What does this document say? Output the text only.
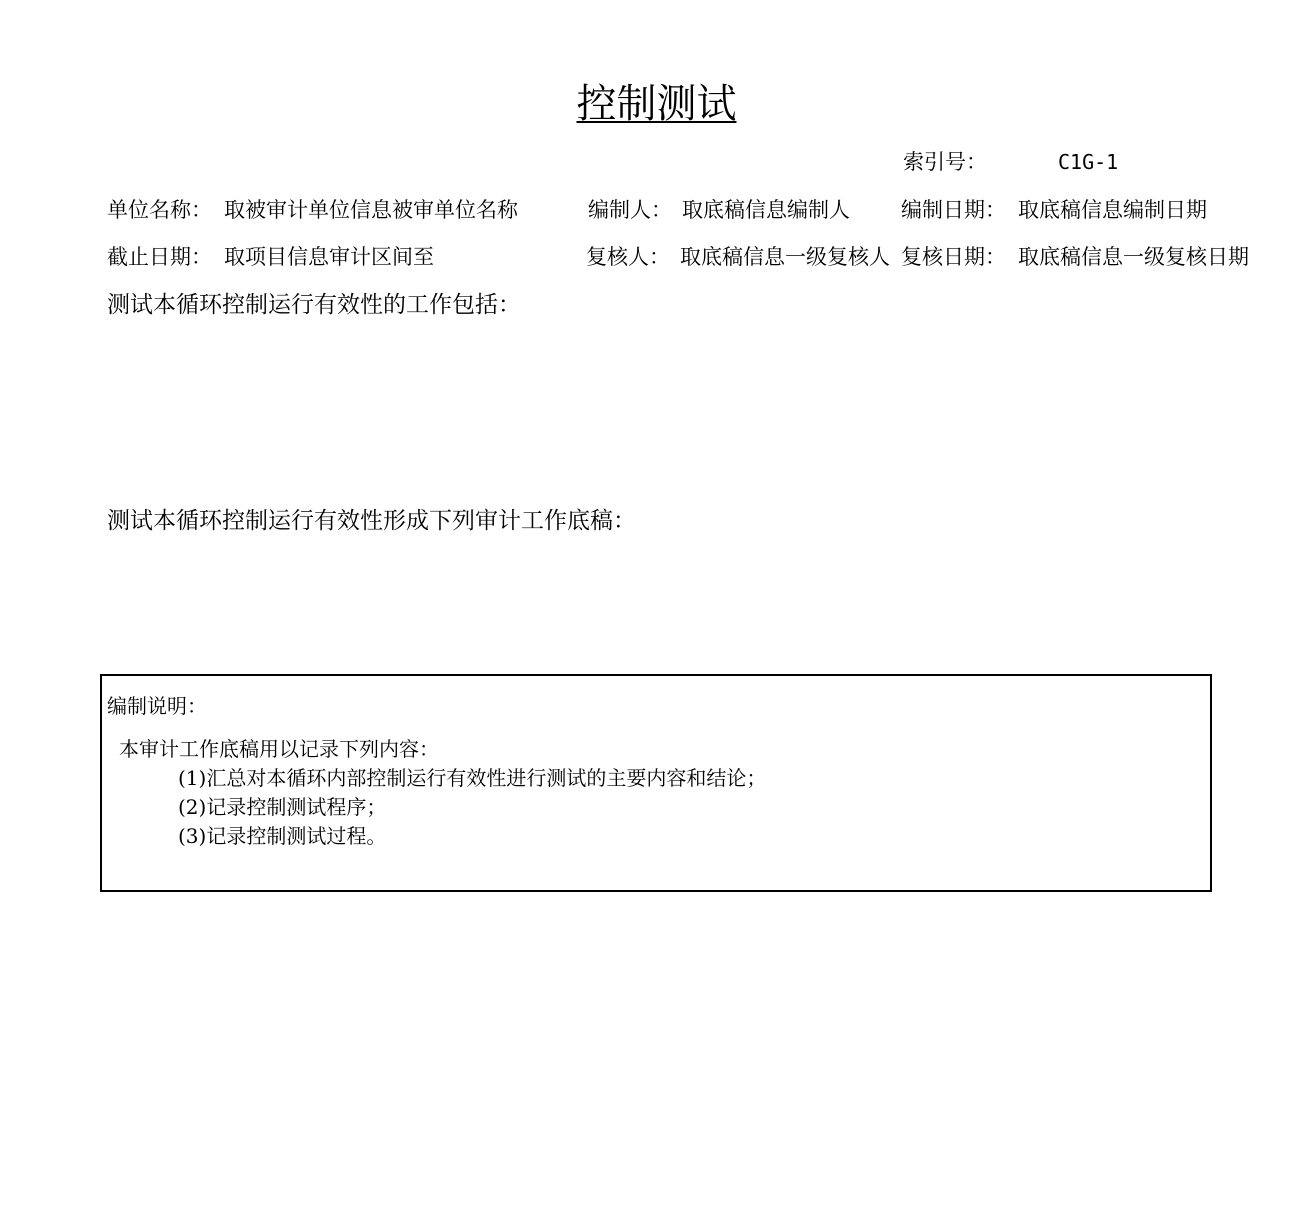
控制测试
索引号：	C1G-1
单位名称： 取被审计单位信息被审单位名称	编制人： 取底稿信息编制人	编制日期： 取底稿信息编制日期
截止日期： 取项目信息审计区间至	复核人： 取底稿信息一级复核人 复核日期： 取底稿信息一级复核日期
测试本循环控制运行有效性的工作包括：
测试本循环控制运行有效性形成下列审计工作底稿：
编制说明：
本审计工作底稿用以记录下列内容：
(1)汇总对本循环内部控制运行有效性进行测试的主要内容和结论；
(2)记录控制测试程序；
(3)记录控制测试过程。
